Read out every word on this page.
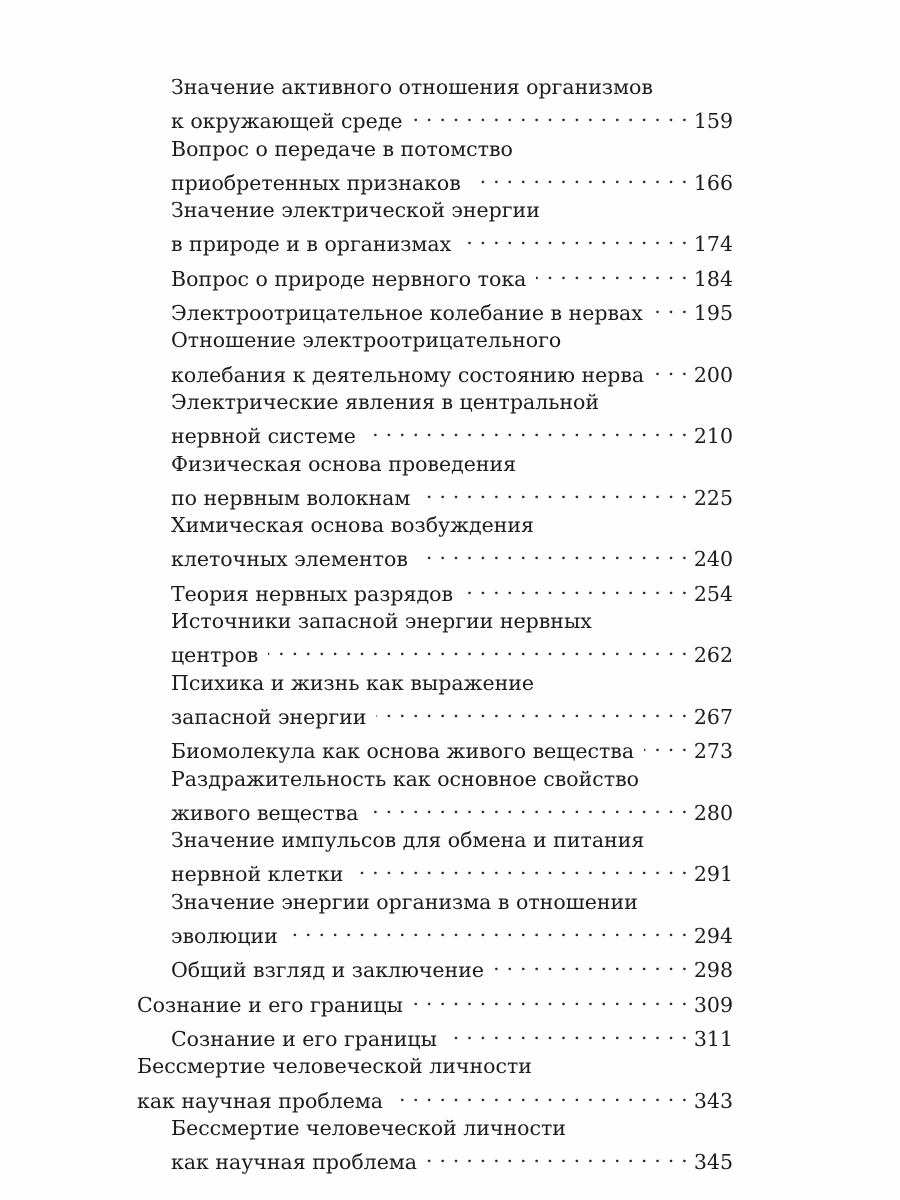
Значение активного отношения организмов
к окружающей среде . . .	159
Вопрос о передаче в потомство
приобретенных признаков . . .	166
Значение электрической энергии
в природе и в организмах . . .	174
Вопрос о природе нервного тока . . .	184
Электроотрицательное колебание в нервах . . . 195
Отношение электроотрицательного
колебания к деятельному состоянию нерва . . . 200
Электрические явления в центральной
нервной системе . . .	210
Физическая основа проведения
по нервным волокнам . . .	225
Химическая основа возбуждения
клеточных элементов . . .	240
Теория нервных разрядов . . .	254
Источники запасной энергии нервных
центров . . .	262
Психика и жизнь как выражение
запасной энергии . . .	267
Биомолекула как основа живого вещества . . .	273
Раздражительность как основное свойство
живого вещества . . .	280
Значение импульсов для обмена и питания
нервной клетки . . .	291
Значение энергии организма в отношении
эволюции . . .	294
Общий взгляд и заключение . . .	298
Сознание и его границы . . .	309
Сознание и его границы . . .	311
Бессмертие человеческой личности
как научная проблема . . .	343
Бессмертие человеческой личности
как научная проблема . . .	345
